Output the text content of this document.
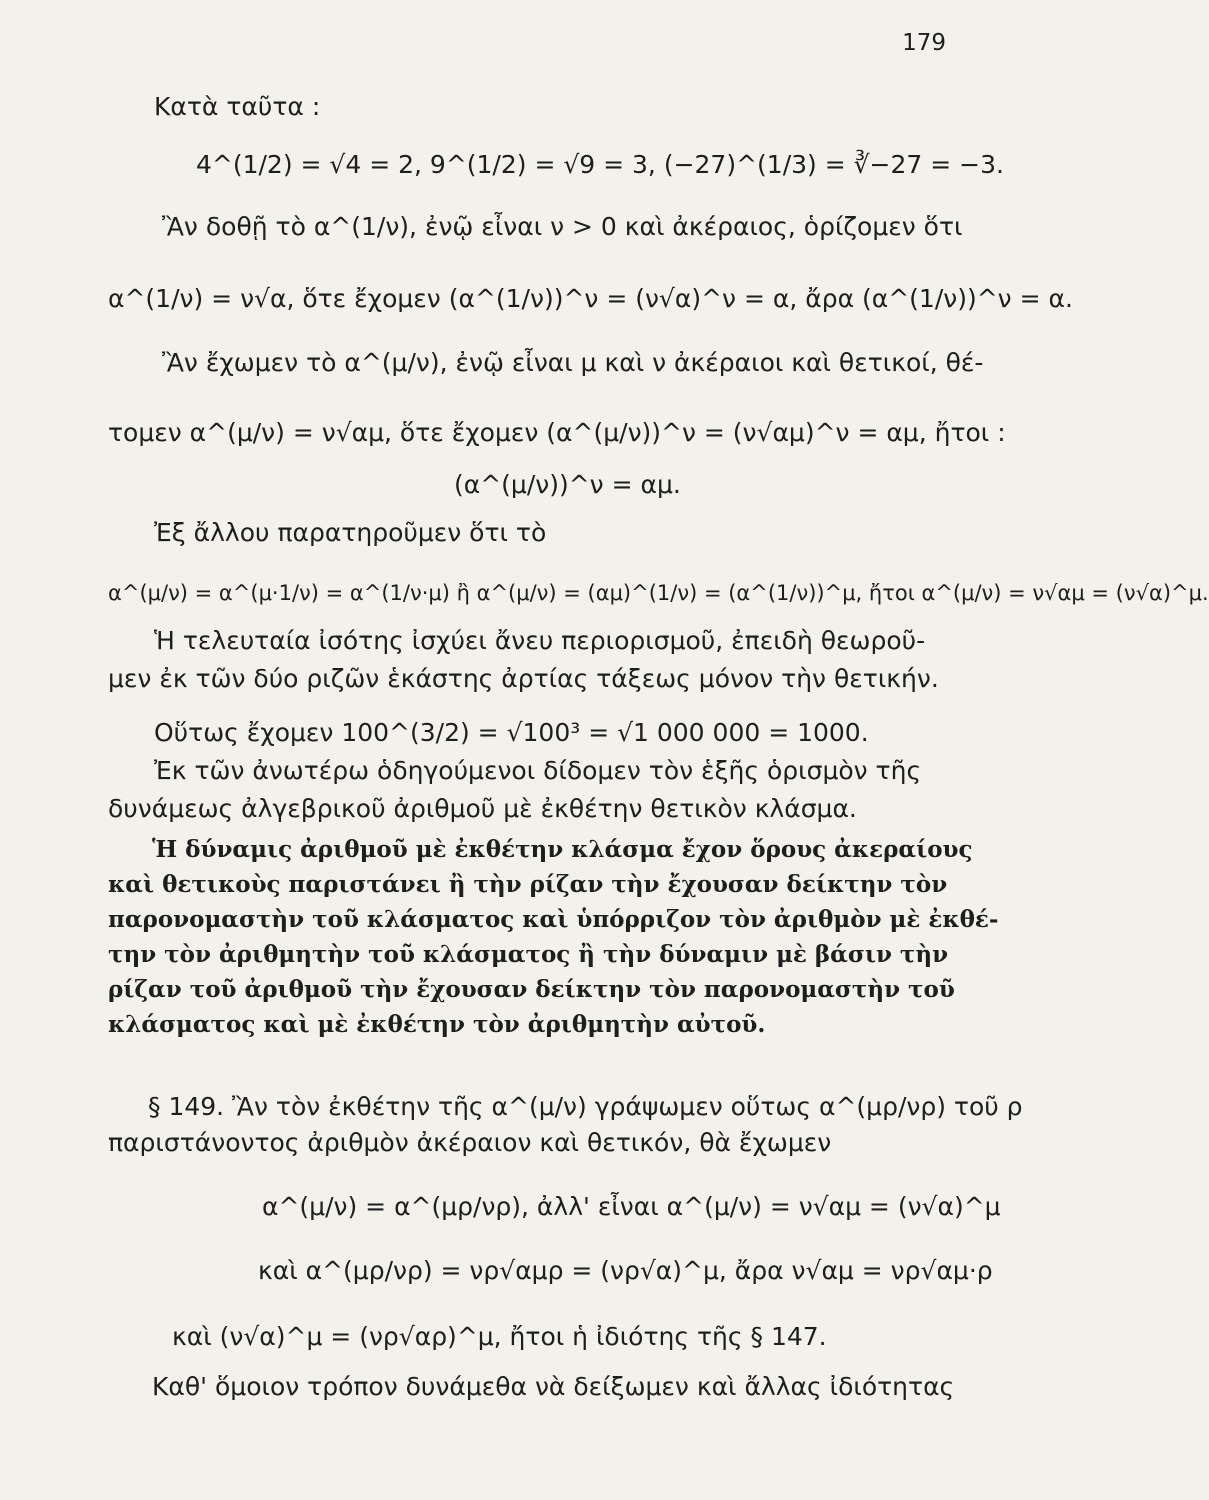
179
Κατὰ ταῦτα :
4^(1/2) = √4 = 2, 9^(1/2) = √9 = 3, (−27)^(1/3) = ∛−27 = −3.
Ἂν δοθῇ τὸ α^(1/ν), ἐνῷ εἶναι ν > 0 καὶ ἀκέραιος, ὁρίζομεν ὅτι
α^(1/ν) = ν√α, ὅτε ἔχομεν (α^(1/ν))^ν = (ν√α)^ν = α, ἄρα (α^(1/ν))^ν = α.
Ἂν ἔχωμεν τὸ α^(μ/ν), ἐνῷ εἶναι μ καὶ ν ἀκέραιοι καὶ θετικοί, θέ-
τομεν α^(μ/ν) = ν√αμ, ὅτε ἔχομεν (α^(μ/ν))^ν = (ν√αμ)^ν = αμ, ἤτοι :
(α^(μ/ν))^ν = αμ.
Ἐξ ἄλλου παρατηροῦμεν ὅτι τὸ
α^(μ/ν) = α^(μ·1/ν) = α^(1/ν·μ) ἢ α^(μ/ν) = (αμ)^(1/ν) = (α^(1/ν))^μ, ἤτοι α^(μ/ν) = ν√αμ = (ν√α)^μ.
Ἡ τελευταία ἰσότης ἰσχύει ἄνευ περιορισμοῦ, ἐπειδὴ θεωροῦ-
μεν ἐκ τῶν δύο ριζῶν ἑκάστης ἀρτίας τάξεως μόνον τὴν θετικήν.
Οὕτως ἔχομεν 100^(3/2) = √100³ = √1 000 000 = 1000.
Ἐκ τῶν ἀνωτέρω ὁδηγούμενοι δίδομεν τὸν ἑξῆς ὁρισμὸν τῆς
δυνάμεως ἀλγεβρικοῦ ἀριθμοῦ μὲ ἐκθέτην θετικὸν κλάσμα.
Ἡ δύναμις ἀριθμοῦ μὲ ἐκθέτην κλάσμα ἔχον ὅρους ἀκεραίους
καὶ θετικοὺς παριστάνει ἢ τὴν ρίζαν τὴν ἔχουσαν δείκτην τὸν
παρονομαστὴν τοῦ κλάσματος καὶ ὑπόρριζον τὸν ἀριθμὸν μὲ ἐκθέ-
την τὸν ἀριθμητὴν τοῦ κλάσματος ἢ τὴν δύναμιν μὲ βάσιν τὴν
ρίζαν τοῦ ἀριθμοῦ τὴν ἔχουσαν δείκτην τὸν παρονομαστὴν τοῦ
κλάσματος καὶ μὲ ἐκθέτην τὸν ἀριθμητὴν αὐτοῦ.
§ 149. Ἂν τὸν ἐκθέτην τῆς α^(μ/ν) γράψωμεν οὕτως α^(μρ/νρ) τοῦ ρ
παριστάνοντος ἀριθμὸν ἀκέραιον καὶ θετικόν, θὰ ἔχωμεν
α^(μ/ν) = α^(μρ/νρ), ἀλλ' εἶναι α^(μ/ν) = ν√αμ = (ν√α)^μ
καὶ α^(μρ/νρ) = νρ√αμρ = (νρ√α)^μ, ἄρα ν√αμ = νρ√αμ·ρ
καὶ (ν√α)^μ = (νρ√αρ)^μ, ἤτοι ἡ ἰδιότης τῆς § 147.
Καθ' ὅμοιον τρόπον δυνάμεθα νὰ δείξωμεν καὶ ἄλλας ἰδιότητας
